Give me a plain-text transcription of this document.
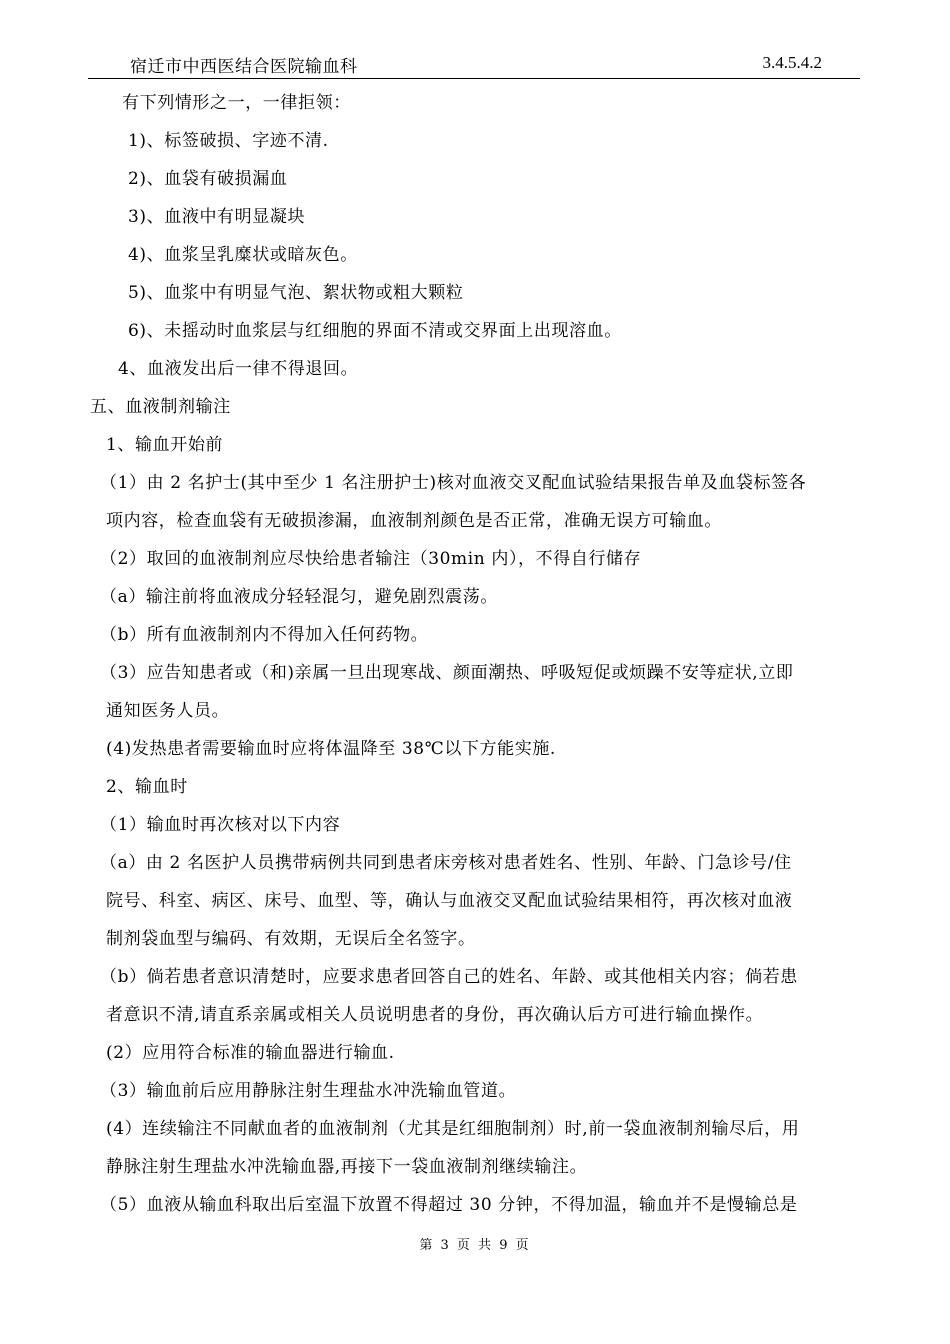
宿迁市中西医结合医院输血科	3.4.5.4.2
有下列情形之一，一律拒领：
1)、标签破损、字迹不清.
2)、血袋有破损漏血
3)、血液中有明显凝块
4)、血浆呈乳糜状或暗灰色。
5)、血浆中有明显气泡、絮状物或粗大颗粒
6)、未摇动时血浆层与红细胞的界面不清或交界面上出现溶血。
4、血液发出后一律不得退回。
五、血液制剂输注
1、输血开始前
（1）由 2 名护士(其中至少 1 名注册护士)核对血液交叉配血试验结果报告单及血袋标签各
项内容，检查血袋有无破损渗漏，血液制剂颜色是否正常，准确无误方可输血。
（2）取回的血液制剂应尽快给患者输注（30min 内），不得自行储存
（a）输注前将血液成分轻轻混匀，避免剧烈震荡。
（b）所有血液制剂内不得加入任何药物。
（3）应告知患者或（和)亲属一旦出现寒战、颜面潮热、呼吸短促或烦躁不安等症状,立即
通知医务人员。
(4)发热患者需要输血时应将体温降至 38℃以下方能实施.
2、输血时
（1）输血时再次核对以下内容
（a）由 2 名医护人员携带病例共同到患者床旁核对患者姓名、性别、年龄、门急诊号/住
院号、科室、病区、床号、血型、等，确认与血液交叉配血试验结果相符，再次核对血液
制剂袋血型与编码、有效期，无误后全名签字。
（b）倘若患者意识清楚时，应要求患者回答自己的姓名、年龄、或其他相关内容；倘若患
者意识不清,请直系亲属或相关人员说明患者的身份，再次确认后方可进行输血操作。
(2）应用符合标准的输血器进行输血.
（3）输血前后应用静脉注射生理盐水冲洗输血管道。
(4）连续输注不同献血者的血液制剂（尤其是红细胞制剂）时,前一袋血液制剂输尽后，用
静脉注射生理盐水冲洗输血器,再接下一袋血液制剂继续输注。
（5）血液从输血科取出后室温下放置不得超过 30 分钟，不得加温，输血并不是慢输总是
第 3 页 共 9 页
